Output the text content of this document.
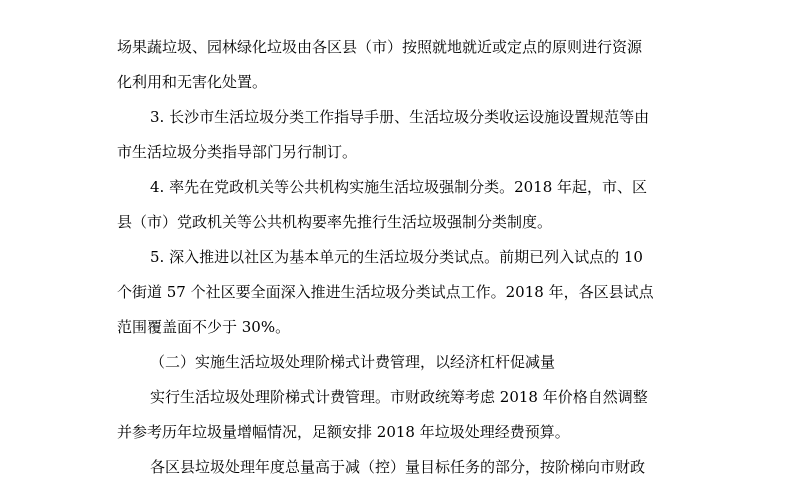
场果蔬垃圾、园林绿化垃圾由各区县（市）按照就地就近或定点的原则进行资源
化利用和无害化处置。
3. 长沙市生活垃圾分类工作指导手册、生活垃圾分类收运设施设置规范等由
市生活垃圾分类指导部门另行制订。
4. 率先在党政机关等公共机构实施生活垃圾强制分类。2018 年起，市、区
县（市）党政机关等公共机构要率先推行生活垃圾强制分类制度。
5. 深入推进以社区为基本单元的生活垃圾分类试点。前期已列入试点的 10
个街道 57 个社区要全面深入推进生活垃圾分类试点工作。2018 年，各区县试点
范围覆盖面不少于 30%。
（二）实施生活垃圾处理阶梯式计费管理，以经济杠杆促减量
实行生活垃圾处理阶梯式计费管理。市财政统筹考虑 2018 年价格自然调整
并参考历年垃圾量增幅情况，足额安排 2018 年垃圾处理经费预算。
各区县垃圾处理年度总量高于减（控）量目标任务的部分，按阶梯向市财政
